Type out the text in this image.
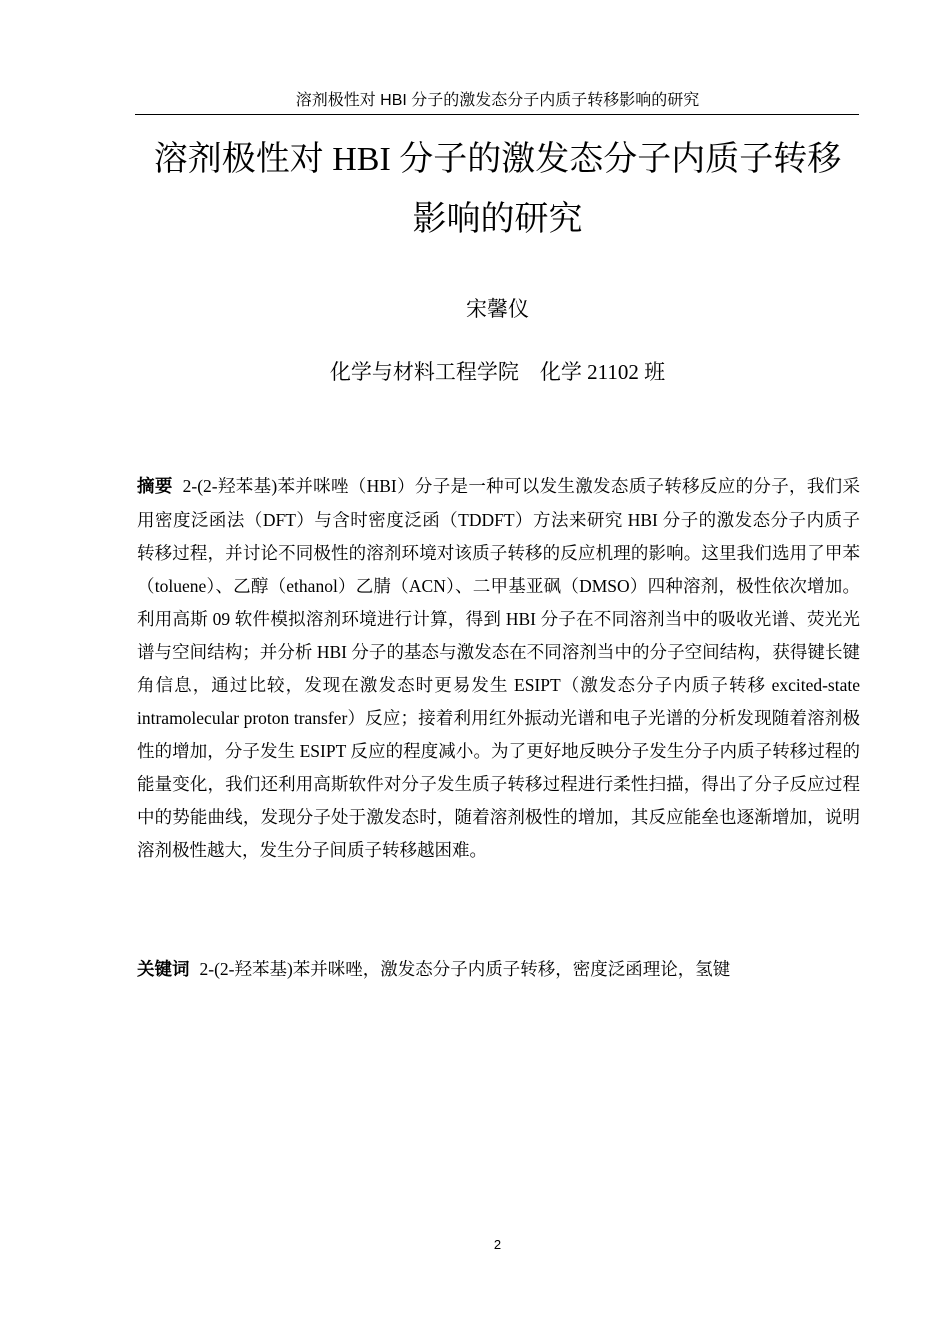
溶剂极性对 HBI 分子的激发态分子内质子转移影响的研究
溶剂极性对 HBI 分子的激发态分子内质子转移
影响的研究
宋馨仪
化学与材料工程学院    化学 21102 班

摘要 2-(2-羟苯基)苯并咪唑（HBI）分子是一种可以发生激发态质子转移反应的分子，我们采用密度泛函法（DFT）与含时密度泛函（TDDFT）方法来研究 HBI 分子的激发态分子内质子转移过程，并讨论不同极性的溶剂环境对该质子转移的反应机理的影响。这里我们选用了甲苯（toluene）、乙醇（ethanol）乙腈（ACN）、二甲基亚砜（DMSO）四种溶剂，极性依次增加。利用高斯 09 软件模拟溶剂环境进行计算，得到 HBI 分子在不同溶剂当中的吸收光谱、荧光光谱与空间结构；并分析 HBI 分子的基态与激发态在不同溶剂当中的分子空间结构，获得键长键角信息，通过比较，发现在激发态时更易发生 ESIPT（激发态分子内质子转移 excited-state intramolecular proton transfer）反应；接着利用红外振动光谱和电子光谱的分析发现随着溶剂极性的增加，分子发生 ESIPT 反应的程度减小。为了更好地反映分子发生分子内质子转移过程的能量变化，我们还利用高斯软件对分子发生质子转移过程进行柔性扫描，得出了分子反应过程中的势能曲线，发现分子处于激发态时，随着溶剂极性的增加，其反应能垒也逐渐增加，说明溶剂极性越大，发生分子间质子转移越困难。

关键词 2-(2-羟苯基)苯并咪唑，激发态分子内质子转移，密度泛函理论，氢键

2
